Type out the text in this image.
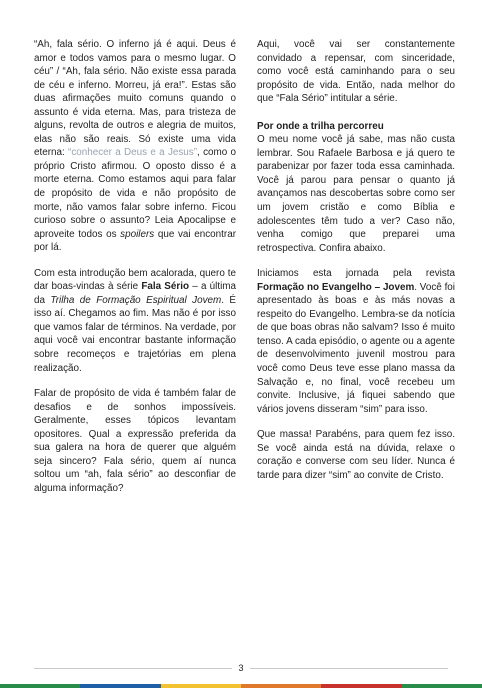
“Ah, fala sério. O inferno já é aqui. Deus é amor e todos vamos para o mesmo lugar. O céu” / “Ah, fala sério. Não existe essa parada de céu e inferno. Morreu, já era!”. Estas são duas afirmações muito comuns quando o assunto é vida eterna. Mas, para tristeza de alguns, revolta de outros e alegria de muitos, elas não são reais. Só existe uma vida eterna: “conhecer a Deus e a Jesus”, como o próprio Cristo afirmou. O oposto disso é a morte eterna. Como estamos aqui para falar de propósito de vida e não propósito de morte, não vamos falar sobre inferno. Ficou curioso sobre o assunto? Leia Apocalipse e aproveite todos os spoilers que vai encontrar por lá.

Com esta introdução bem acalorada, quero te dar boas-vindas à série Fala Sério – a última da Trilha de Formação Espiritual Jovem. É isso aí. Chegamos ao fim. Mas não é por isso que vamos falar de términos. Na verdade, por aqui você vai encontrar bastante informação sobre recomeços e trajetórias em plena realização.

Falar de propósito de vida é também falar de desafios e de sonhos impossíveis. Geralmente, esses tópicos levantam opositores. Qual a expressão preferida da sua galera na hora de querer que alguém seja sincero? Fala sério, quem aí nunca soltou um “ah, fala sério” ao desconfiar de alguma informação?

Aqui, você vai ser constantemente convidado a repensar, com sinceridade, como você está caminhando para o seu propósito de vida. Então, nada melhor do que “Fala Sério” intitular a série.

Por onde a trilha percorreu

O meu nome você já sabe, mas não custa lembrar. Sou Rafaele Barbosa e já quero te parabenizar por fazer toda essa caminhada. Você já parou para pensar o quanto já avançamos nas descobertas sobre como ser um jovem cristão e como Bíblia e adolescentes têm tudo a ver? Caso não, venha comigo que preparei uma retrospectiva. Confira abaixo.

Iniciamos esta jornada pela revista Formação no Evangelho – Jovem. Você foi apresentado às boas e às más novas a respeito do Evangelho. Lembra-se da notícia de que boas obras não salvam? Isso é muito tenso. A cada episódio, o agente ou a agente de desenvolvimento juvenil mostrou para você como Deus teve esse plano massa da Salvação e, no final, você recebeu um convite. Inclusive, já fiquei sabendo que vários jovens disseram “sim” para isso.

Que massa! Parabéns, para quem fez isso. Se você ainda está na dúvida, relaxe o coração e converse com seu líder. Nunca é tarde para dizer “sim” ao convite de Cristo.

3
